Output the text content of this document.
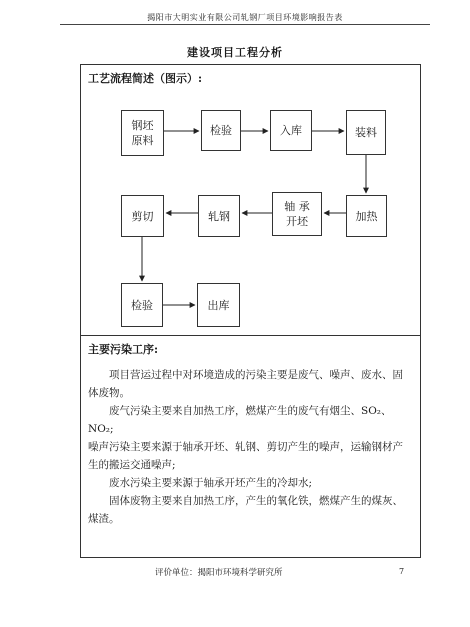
揭阳市大明实业有限公司轧钢厂项目环境影响报告表
建设项目工程分析
工艺流程简述（图示）:
钢坯
原料
检验	入库	装料
加热
轴 承
开坯
轧钢
剪切
检验	出库
主要污染工序:

项目营运过程中对环境造成的污染主要是废气、噪声、废水、固体废物。

废气污染主要来自加热工序，燃煤产生的废气有烟尘、SO₂、NO₂;

噪声污染主要来源于轴承开坯、轧钢、剪切产生的噪声，运输钢材产生的搬运交通噪声;

废水污染主要来源于轴承开坯产生的冷却水;

固体废物主要来自加热工序，产生的氧化铁，燃煤产生的煤灰、煤渣。

评价单位：揭阳市环境科学研究所	7
